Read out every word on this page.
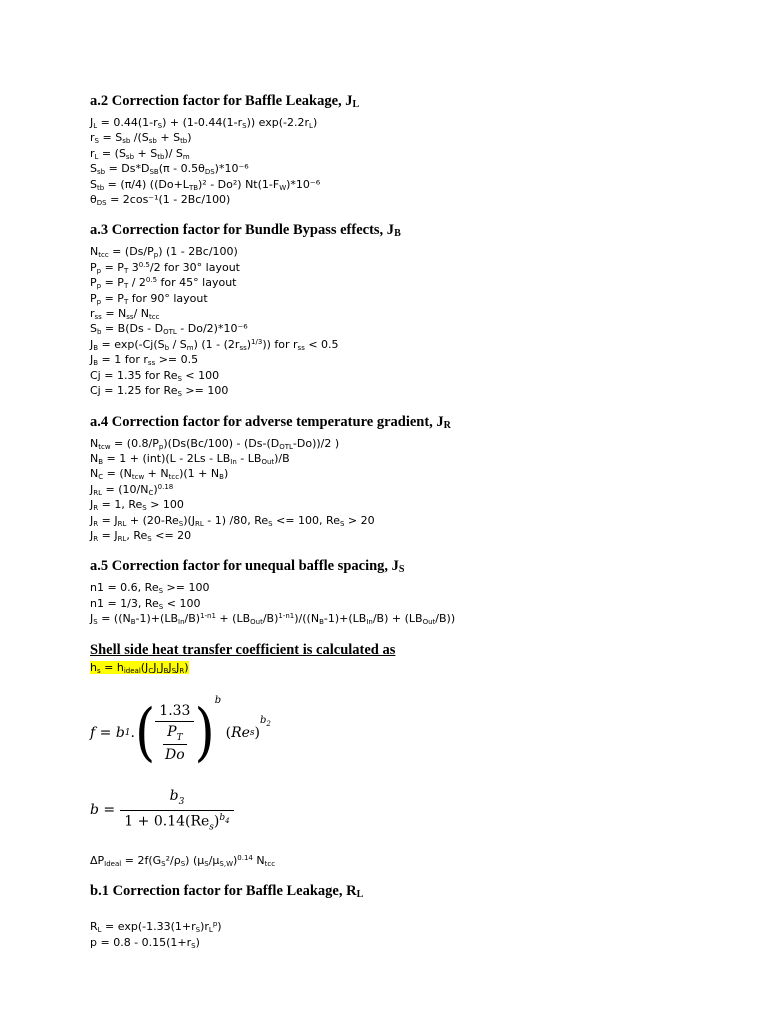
a.2 Correction factor for Baffle Leakage, $J_L$
$J_L = 0.44(1-r_S) + (1-0.44(1-r_S))$ $\exp(-2.2r_L)$
$r_S = S_{sb}$ $/(S_{sb} + S_{tb})$
$r_L = (S_{sb} + S_{tb})/$ $S_m$
$S_{sb} = Ds*D_{SB}(\pi - 0.5\theta_{DS})*10^{-6}$
$S_{tb} = (\pi/4)$ $((Do+L_{TB})^2 - Do^2)$ $Nt(1-F_W)*10^{-6}$
$\theta_{DS} = 2\cos^{-1}(1 - 2Bc/100)$
a.3 Correction factor for Bundle Bypass effects, $J_B$
$N_{tcc} = (Ds/P_p)$ (1 - 2Bc/100)
$P_p = P_T$ $3^{0.5}/2$ for 30° layout
$P_p = P_T / 2^{0.5}$ for 45° layout
$P_p = P_T$ for 90° layout
$r_{ss} = N_{ss}/$ $N_{tcc}$
$S_b = B(Ds - D_{OTL} - Do/2)*10^{-6}$
$J_B = \exp(-Cj(S_b / S_m)$ $(1 - (2r_{ss})^{1/3})$) for $r_{ss} < 0.5$
$J_B = 1$ for $r_{ss} >= 0.5$
Cj = 1.35 for $Re_S < 100$
Cj = 1.25 for $Re_S >= 100$
a.4 Correction factor for adverse temperature gradient, $J_R$
$N_{tcw} = (0.8/P_p)(Ds(Bc/100) - (Ds-(D_{OTL}-Do))/2$ )
$N_B = 1 + (int)(L - 2Ls - LB_{In} - LB_{Out})/B$
$N_C = (N_{tcw} + N_{tcc})(1 + N_B)$
$J_{RL} = (10/N_C)^{0.18}$
$J_R = 1$, $Re_S > 100$
$J_R = J_{RL} + (20-Re_S)(J_{RL} - 1)$ /80, $Re_S <= 100$, $Re_S > 20$
$J_R = J_{RL}$, $Re_S <= 20$
a.5 Correction factor for unequal baffle spacing, $J_S$
n1 = 0.6, $Re_S >= 100$
n1 = 1/3, $Re_S < 100$
$J_S = ((N_B-1)+(LB_{In}/B)^{1-n1} + (LB_{Out}/B)^{1-n1})/((N_B-1)+(LB_{In}/B) + (LB_{Out}/B))$
Shell side heat transfer coefficient is calculated as
$h_s = h_{ideal}(J_CJ_LJ_BJ_SJ_R)$
f = b 1 . ( $\frac{1.33}{\frac{P_T}{Do}}$ ) b
( Re s )
$b_2$
$b = \frac{b_3}{1 + 0.14(Re_s)^{b_4}}$
$\Delta P_{Ideal} = 2f(G_S^2/\rho_S)$ $(\mu_S/\mu_{S,W})^{0.14}$ $N_{tcc}$
b.1 Correction factor for Baffle Leakage, $R_L$
$R_L = \exp(-1.33(1+r_S)r_L^p)$
$p = 0.8 - 0.15(1+r_S)$
